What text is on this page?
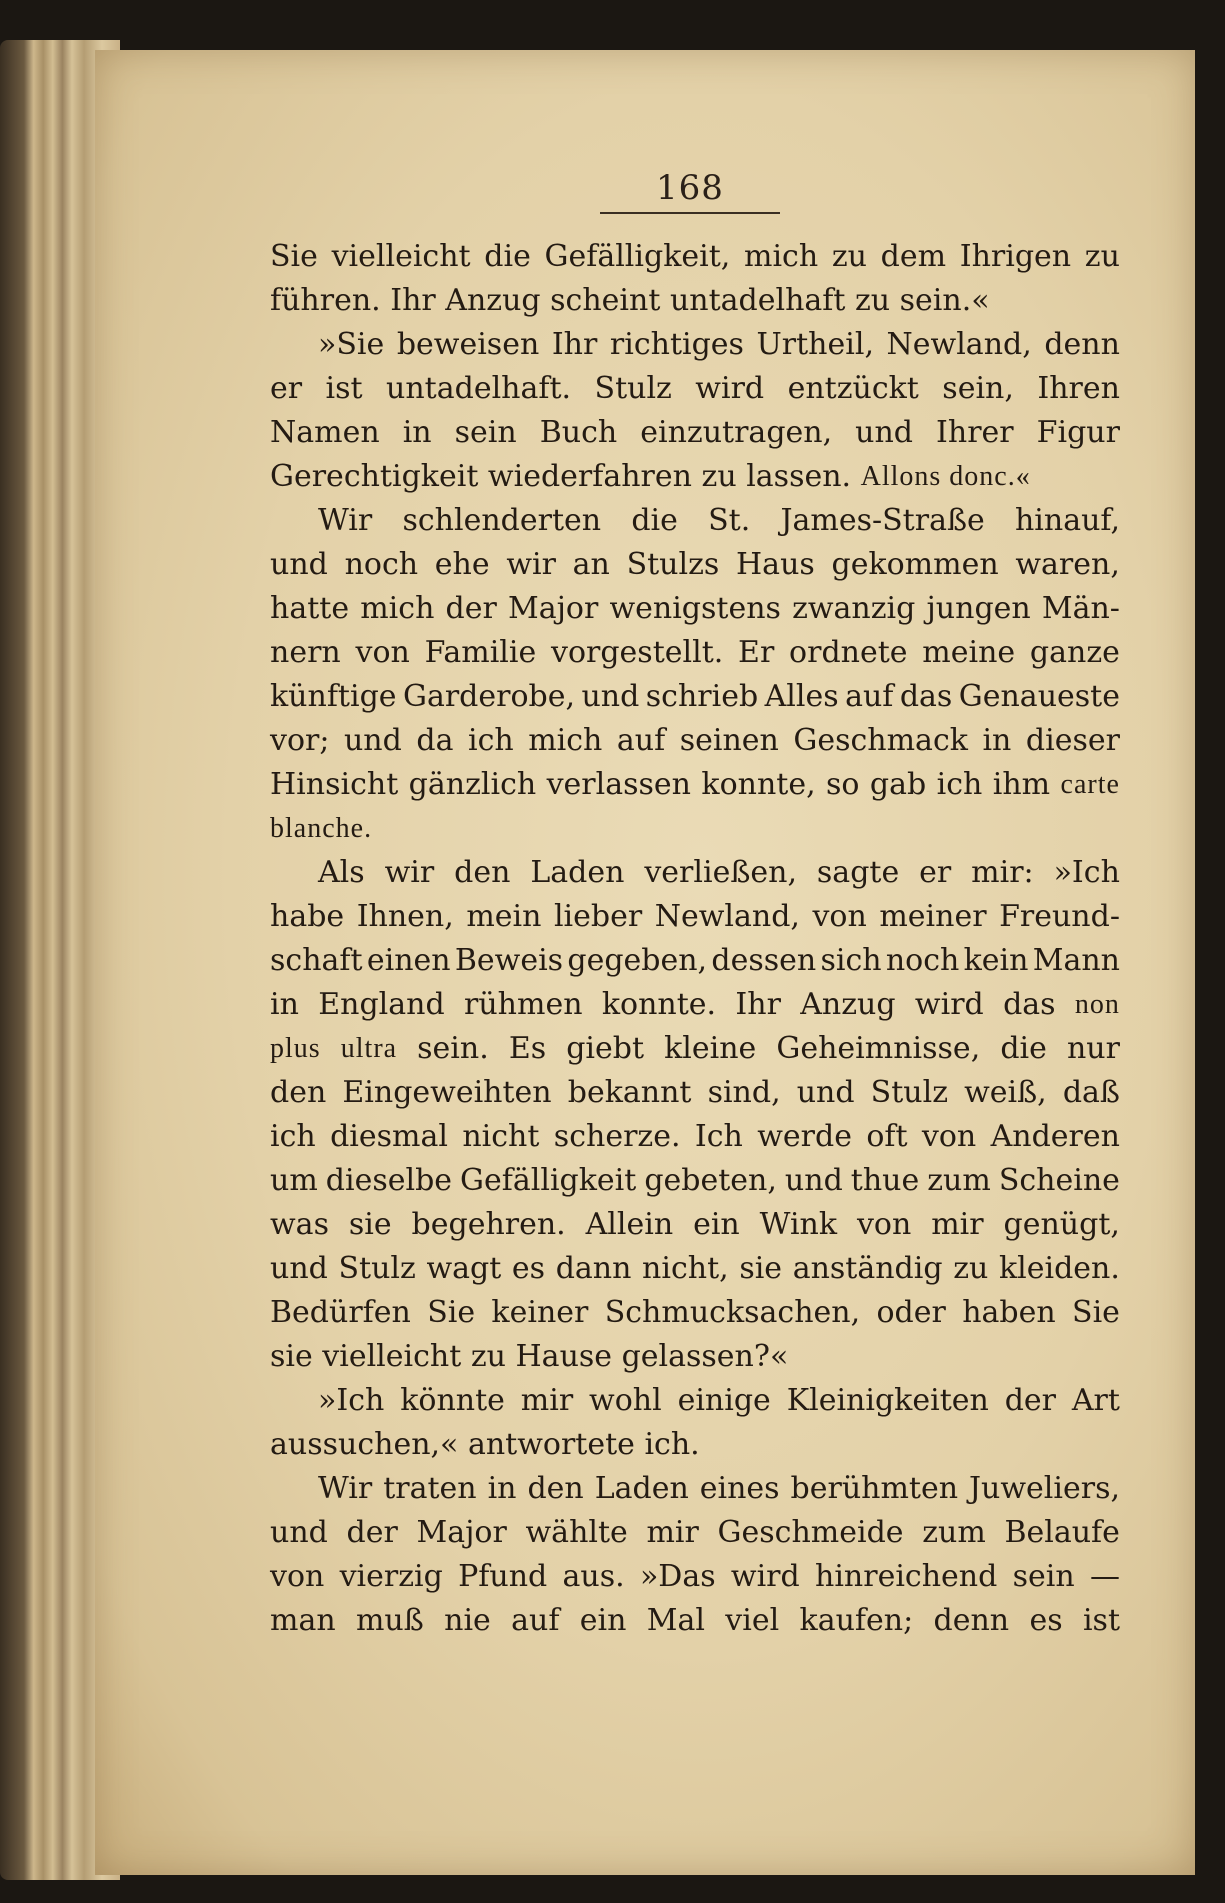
168
Sie vielleicht die Gefälligkeit, mich zu dem Ihrigen zu
führen. Ihr Anzug scheint untadelhaft zu sein.«
»Sie beweisen Ihr richtiges Urtheil, Newland, denn
er ist untadelhaft. Stulz wird entzückt sein, Ihren
Namen in sein Buch einzutragen, und Ihrer Figur
Gerechtigkeit wiederfahren zu lassen. Allons donc.«
Wir schlenderten die St. James-Straße hinauf,
und noch ehe wir an Stulzs Haus gekommen waren,
hatte mich der Major wenigstens zwanzig jungen Män-
nern von Familie vorgestellt. Er ordnete meine ganze
künftige Garderobe, und schrieb Alles auf das Genaueste
vor; und da ich mich auf seinen Geschmack in dieser
Hinsicht gänzlich verlassen konnte, so gab ich ihm carte
blanche.
Als wir den Laden verließen, sagte er mir: »Ich
habe Ihnen, mein lieber Newland, von meiner Freund-
schaft einen Beweis gegeben, dessen sich noch kein Mann
in England rühmen konnte. Ihr Anzug wird das non
plus ultra sein. Es giebt kleine Geheimnisse, die nur
den Eingeweihten bekannt sind, und Stulz weiß, daß
ich diesmal nicht scherze. Ich werde oft von Anderen
um dieselbe Gefälligkeit gebeten, und thue zum Scheine
was sie begehren. Allein ein Wink von mir genügt,
und Stulz wagt es dann nicht, sie anständig zu kleiden.
Bedürfen Sie keiner Schmucksachen, oder haben Sie
sie vielleicht zu Hause gelassen?«
»Ich könnte mir wohl einige Kleinigkeiten der Art
aussuchen,« antwortete ich.
Wir traten in den Laden eines berühmten Juweliers,
und der Major wählte mir Geschmeide zum Belaufe
von vierzig Pfund aus. »Das wird hinreichend sein —
man muß nie auf ein Mal viel kaufen; denn es ist
